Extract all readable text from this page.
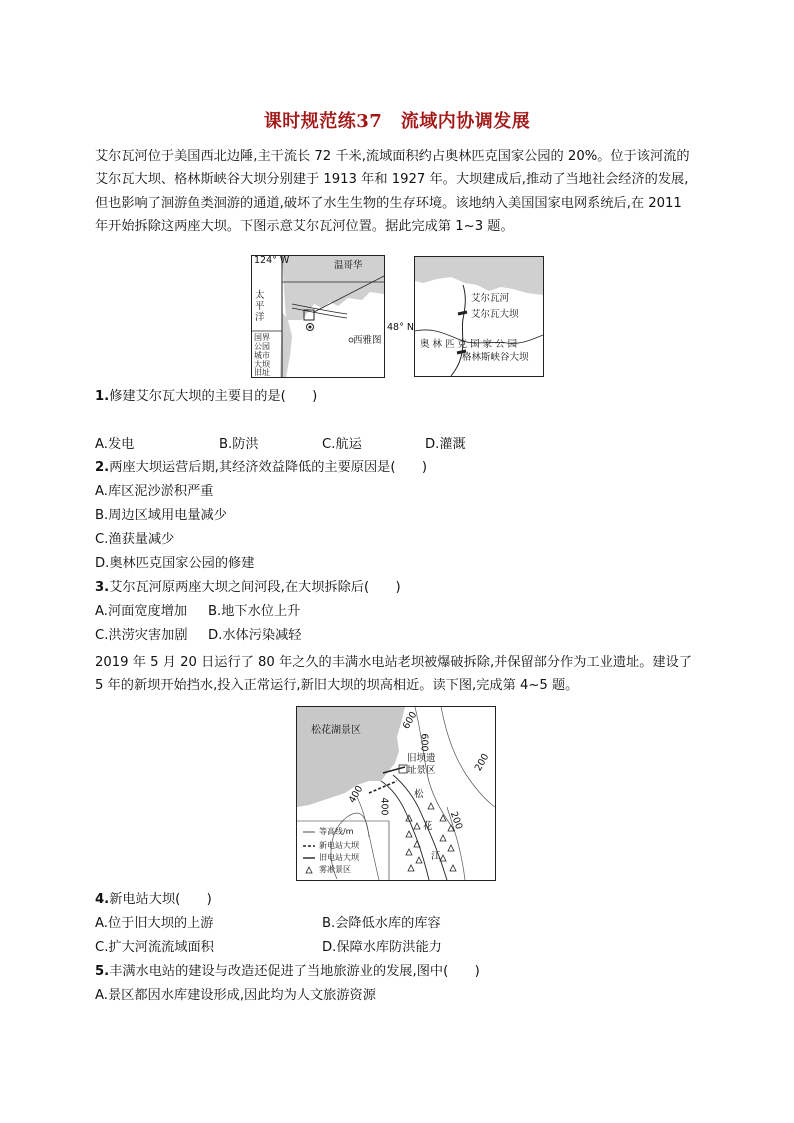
课时规范练37　流域内协调发展

艾尔瓦河位于美国西北边陲,主干流长 72 千米,流域面积约占奥林匹克国家公园的 20%。位于该河流的艾尔瓦大坝、格林斯峡谷大坝分别建于 1913 年和 1927 年。大坝建成后,推动了当地社会经济的发展,但也影响了洄游鱼类洄游的通道,破坏了水生生物的生存环境。该地纳入美国国家电网系统后,在 2011 年开始拆除这两座大坝。下图示意艾尔瓦河位置。据此完成第 1~3 题。

124° W	温哥华
西雅图
太
平
洋
国界
公园
城市
大坝
旧址
48° N
艾尔瓦河
艾尔瓦大坝
奥 林 匹 克 国 家 公 园
格林斯峡谷大坝
1.修建艾尔瓦大坝的主要目的是(　　)
A.发电	B.防洪	C.航运	D.灌溉
2.两座大坝运营后期,其经济效益降低的主要原因是(　　)
A.库区泥沙淤积严重
B.周边区域用电量减少
C.渔获量减少
D.奥林匹克国家公园的修建
3.艾尔瓦河原两座大坝之间河段,在大坝拆除后(　　)
A.河面宽度增加 B.地下水位上升
C.洪涝灾害加剧 D.水体污染减轻

2019 年 5 月 20 日运行了 80 年之久的丰满水电站老坝被爆破拆除,并保留部分作为工业遗址。建设了 5 年的新坝开始挡水,投入正常运行,新旧大坝的坝高相近。读下图,完成第 4~5 题。

松花湖景区	600
600
400
400
200
200
旧坝遗
址景区
松
花
江
等高线/m
新电站大坝
旧电站大坝
雾凇景区
4.新电站大坝(　　)
A.位于旧大坝的上游	B.会降低水库的库容
C.扩大河流流域面积	D.保障水库防洪能力
5.丰满水电站的建设与改造还促进了当地旅游业的发展,图中(　　)
A.景区都因水库建设形成,因此均为人文旅游资源
